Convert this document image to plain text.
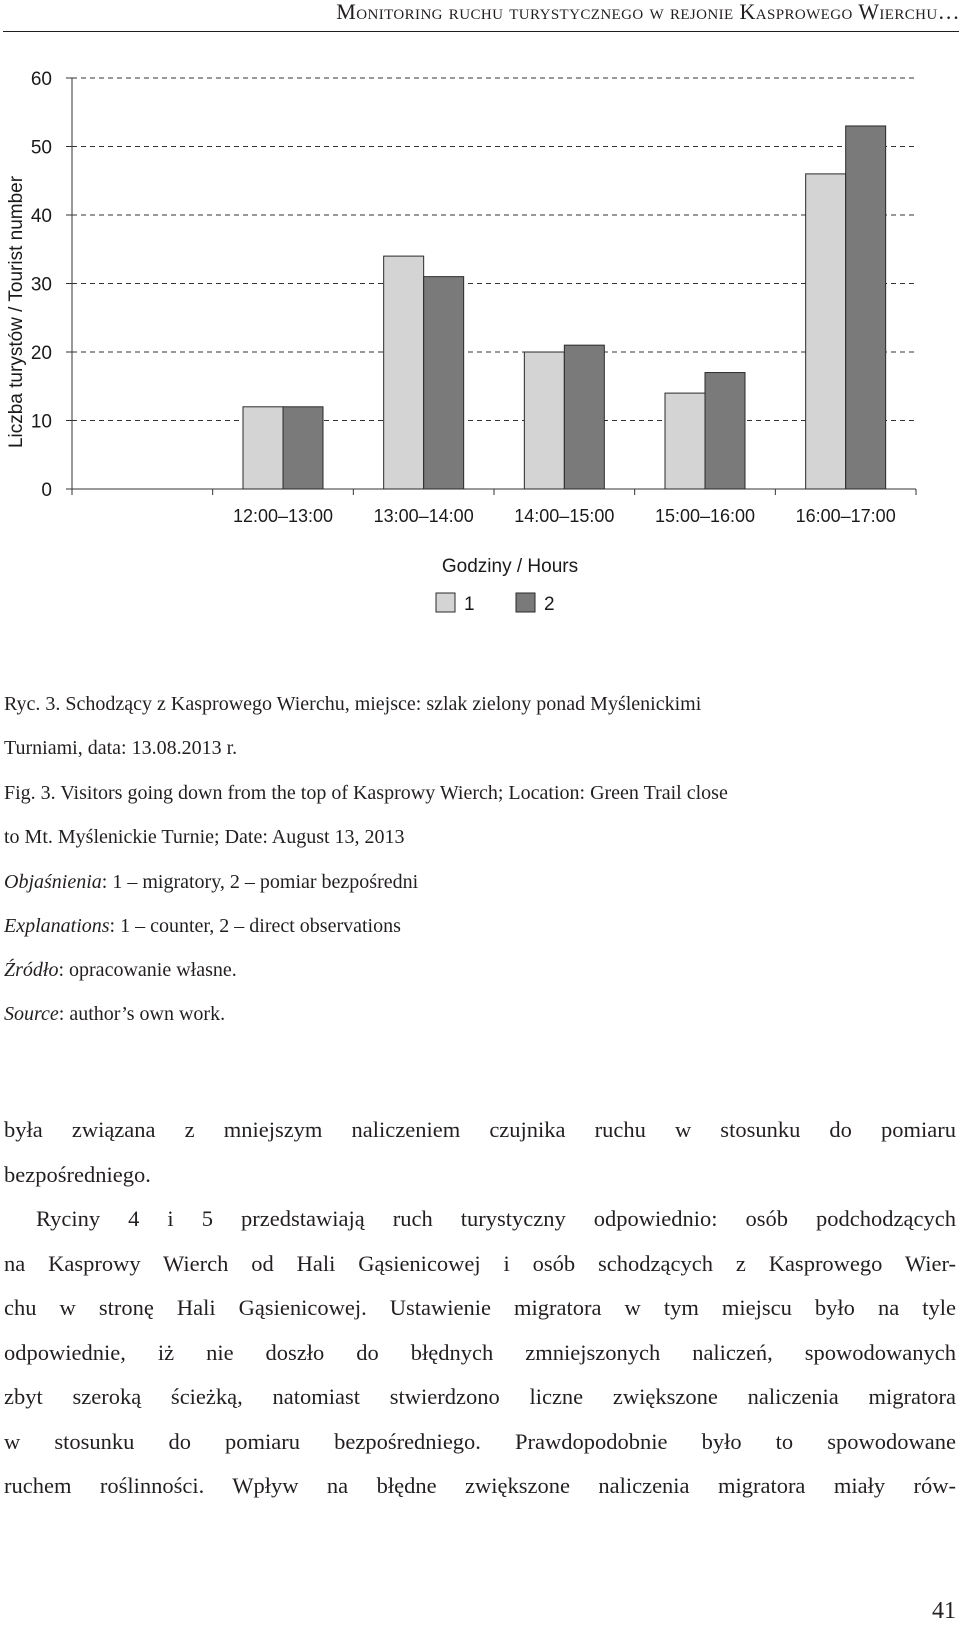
Monitoring ruchu turystycznego w rejonie Kasprowego Wierchu…
0
10
20
30
40
50
60
12:00–13:00 13:00–14:00 14:00–15:00 15:00–16:00 16:00–17:00
Liczba turystów / Tourist number
Godziny / Hours
1	2
Ryc. 3. Schodzący z Kasprowego Wierchu, miejsce: szlak zielony ponad Myślenickimi
Turniami, data: 13.08.2013 r.
Fig. 3. Visitors going down from the top of Kasprowy Wierch; Location: Green Trail close
to Mt. Myślenickie Turnie; Date: August 13, 2013
Objaśnienia: 1 – migratory, 2 – pomiar bezpośredni
Explanations: 1 – counter, 2 – direct observations
Źródło: opracowanie własne.
Source: author’s own work.
była związana z mniejszym naliczeniem czujnika ruchu w stosunku do pomiaru
bezpośredniego.
Ryciny 4 i 5 przedstawiają ruch turystyczny odpowiednio: osób podchodzących
na Kasprowy Wierch od Hali Gąsienicowej i osób schodzących z Kasprowego Wier-
chu w stronę Hali Gąsienicowej. Ustawienie migratora w tym miejscu było na tyle
odpowiednie, iż nie doszło do błędnych zmniejszonych naliczeń, spowodowanych
zbyt szeroką ścieżką, natomiast stwierdzono liczne zwiększone naliczenia migratora
w stosunku do pomiaru bezpośredniego. Prawdopodobnie było to spowodowane
ruchem roślinności. Wpływ na błędne zwiększone naliczenia migratora miały rów-
41
